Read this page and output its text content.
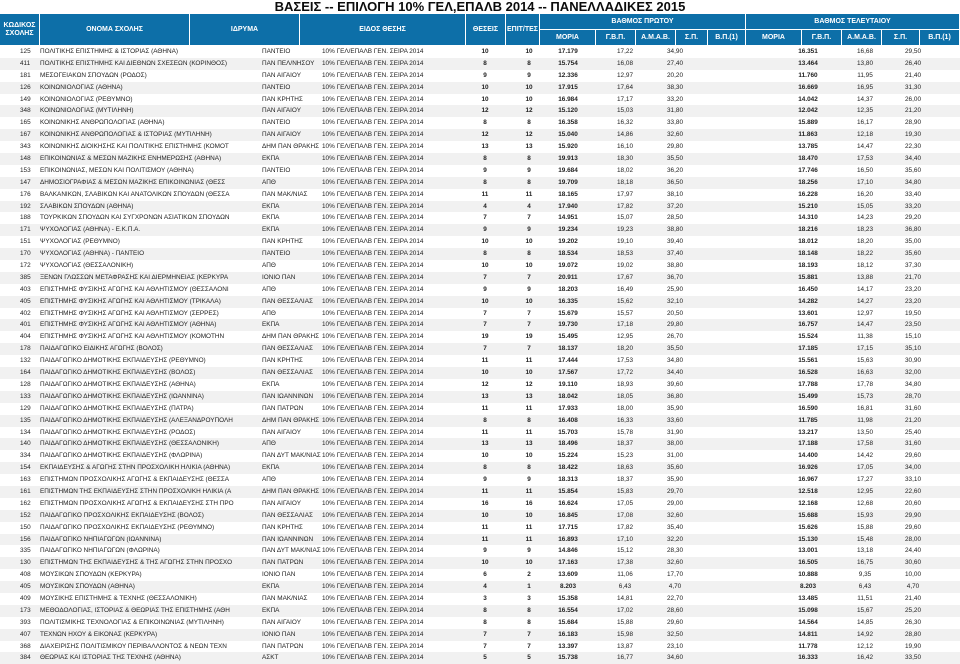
ΒΑΣΕΙΣ -- ΕΠΙΛΟΓΗ 10% ΓΕΛ,ΕΠΑΛΒ 2014 -- ΠΑΝΕΛΛΑΔΙΚΕΣ 2015
ΚΩΔΙΚΟΣ ΣΧΟΛΗΣ
ΟΝΟΜΑ ΣΧΟΛΗΣ	ΙΔΡΥΜΑ	ΕΙΔΟΣ ΘΕΣΗΣ	ΘΕΣΕΙΣ	ΕΠΙΤ/ΤΕΣ
ΒΑΘΜΟΣ ΠΡΩΤΟΥ
ΜΟΡΙΑ	Γ.Β.Π.	Α.Μ.Α.Β.	Σ.Π.	Β.Π.(1)
ΒΑΘΜΟΣ ΤΕΛΕΥΤΑΙΟΥ
ΜΟΡΙΑ	Γ.Β.Π.	Α.Μ.Α.Β.	Σ.Π.	Β.Π.(1)
125	ΠΟΛΙΤΙΚΗΣ ΕΠΙΣΤΗΜΗΣ & ΙΣΤΟΡΙΑΣ (ΑΘΗΝΑ)	ΠΑΝΤΕΙΟ	10% ΓΕΛ/ΕΠΑΛΒ ΓΕΝ. ΣΕΙΡΑ 2014	10	10	17.179	17,22	34,90	16.351	16,68	29,50
411	ΠΟΛΙΤΙΚΗΣ ΕΠΙΣΤΗΜΗΣ ΚΑΙ ΔΙΕΘΝΩΝ ΣΧΕΣΕΩΝ (ΚΟΡΙΝΘΟΣ)	ΠΑΝ ΠΕΛ/ΝΗΣΟΥ	10% ΓΕΛ/ΕΠΑΛΒ ΓΕΝ. ΣΕΙΡΑ 2014	8	8	15.754	16,08	27,40	13.464	13,80	26,40
181	ΜΕΣΟΓΕΙΑΚΩΝ ΣΠΟΥΔΩΝ (ΡΟΔΟΣ)	ΠΑΝ ΑΙΓΑΙΟΥ	10% ΓΕΛ/ΕΠΑΛΒ ΓΕΝ. ΣΕΙΡΑ 2014	9	9	12.336	12,97	20,20	11.760	11,95	21,40
126	ΚΟΙΝΩΝΙΟΛΟΓΙΑΣ (ΑΘΗΝΑ)	ΠΑΝΤΕΙΟ	10% ΓΕΛ/ΕΠΑΛΒ ΓΕΝ. ΣΕΙΡΑ 2014	10	10	17.915	17,64	38,30	16.669	16,95	31,30
149	ΚΟΙΝΩΝΙΟΛΟΓΙΑΣ (ΡΕΘΥΜΝΟ)	ΠΑΝ ΚΡΗΤΗΣ	10% ΓΕΛ/ΕΠΑΛΒ ΓΕΝ. ΣΕΙΡΑ 2014	10	10	16.984	17,17	33,20	14.042	14,37	26,00
348	ΚΟΙΝΩΝΙΟΛΟΓΙΑΣ (ΜΥΤΙΛΗΝΗ)	ΠΑΝ ΑΙΓΑΙΟΥ	10% ΓΕΛ/ΕΠΑΛΒ ΓΕΝ. ΣΕΙΡΑ 2014	12	12	15.120	15,03	31,80	12.042	12,35	21,20
165	ΚΟΙΝΩΝΙΚΗΣ ΑΝΘΡΩΠΟΛΟΓΙΑΣ (ΑΘΗΝΑ)	ΠΑΝΤΕΙΟ	10% ΓΕΛ/ΕΠΑΛΒ ΓΕΝ. ΣΕΙΡΑ 2014	8	8	16.358	16,32	33,80	15.889	16,17	28,90
167	ΚΟΙΝΩΝΙΚΗΣ ΑΝΘΡΩΠΟΛΟΓΙΑΣ & ΙΣΤΟΡΙΑΣ (ΜΥΤΙΛΗΝΗ)	ΠΑΝ ΑΙΓΑΙΟΥ	10% ΓΕΛ/ΕΠΑΛΒ ΓΕΝ. ΣΕΙΡΑ 2014	12	12	15.040	14,86	32,60	11.863	12,18	19,30
343	ΚΟΙΝΩΝΙΚΗΣ ΔΙΟΙΚΗΣΗΣ ΚΑΙ ΠΟΛΙΤΙΚΗΣ ΕΠΙΣΤΗΜΗΣ (ΚΟΜΟΤ	ΔΗΜ ΠΑΝ ΘΡΑΚΗΣ 10% ΓΕΛ/ΕΠΑΛΒ ΓΕΝ. ΣΕΙΡΑ 2014	13	13	15.920	16,10	29,80	13.785	14,47	22,30
148	ΕΠΙΚΟΙΝΩΝΙΑΣ & ΜΕΣΩΝ ΜΑΖΙΚΗΣ ΕΝΗΜΕΡΩΣΗΣ (ΑΘΗΝΑ)	ΕΚΠΑ	10% ΓΕΛ/ΕΠΑΛΒ ΓΕΝ. ΣΕΙΡΑ 2014	8	8	19.913	18,30	35,50	18.470	17,53	34,40
153	ΕΠΙΚΟΙΝΩΝΙΑΣ, ΜΕΣΩΝ ΚΑΙ ΠΟΛΙΤΙΣΜΟΥ (ΑΘΗΝΑ)	ΠΑΝΤΕΙΟ	10% ΓΕΛ/ΕΠΑΛΒ ΓΕΝ. ΣΕΙΡΑ 2014	9	9	19.684	18,02	36,20	17.746	16,50	35,60
147	ΔΗΜΟΣΙΟΓΡΑΦΙΑΣ & ΜΕΣΩΝ ΜΑΖΙΚΗΣ ΕΠΙΚΟΙΝΩΝΙΑΣ (ΘΕΣΣ	ΑΠΘ	10% ΓΕΛ/ΕΠΑΛΒ ΓΕΝ. ΣΕΙΡΑ 2014	8	8	19.709	18,18	36,50	18.256	17,10	34,80
176	ΒΑΛΚΑΝΙΚΩΝ, ΣΛΑΒΙΚΩΝ ΚΑΙ ΑΝΑΤΟΛΙΚΩΝ ΣΠΟΥΔΩΝ (ΘΕΣΣΑ	ΠΑΝ ΜΑΚ/ΝΙΑΣ	10% ΓΕΛ/ΕΠΑΛΒ ΓΕΝ. ΣΕΙΡΑ 2014	11	11	18.165	17,97	38,10	16.228	16,20	33,40
192	ΣΛΑΒΙΚΩΝ ΣΠΟΥΔΩΝ (ΑΘΗΝΑ)	ΕΚΠΑ	10% ΓΕΛ/ΕΠΑΛΒ ΓΕΝ. ΣΕΙΡΑ 2014	4	4	17.940	17,82	37,20	15.210	15,05	33,20
188	ΤΟΥΡΚΙΚΩΝ ΣΠΟΥΔΩΝ ΚΑΙ ΣΥΓΧΡΟΝΩΝ ΑΣΙΑΤΙΚΩΝ ΣΠΟΥΔΩΝ	ΕΚΠΑ	10% ΓΕΛ/ΕΠΑΛΒ ΓΕΝ. ΣΕΙΡΑ 2014	7	7	14.951	15,07	28,50	14.310	14,23	29,20
171	ΨΥΧΟΛΟΓΙΑΣ (ΑΘΗΝΑ) - Ε.Κ.Π.Α.	ΕΚΠΑ	10% ΓΕΛ/ΕΠΑΛΒ ΓΕΝ. ΣΕΙΡΑ 2014	9	9	19.234	19,23	38,80	18.216	18,23	36,80
151	ΨΥΧΟΛΟΓΙΑΣ (ΡΕΘΥΜΝΟ)	ΠΑΝ ΚΡΗΤΗΣ	10% ΓΕΛ/ΕΠΑΛΒ ΓΕΝ. ΣΕΙΡΑ 2014	10	10	19.202	19,10	39,40	18.012	18,20	35,00
170	ΨΥΧΟΛΟΓΙΑΣ (ΑΘΗΝΑ) - ΠΑΝΤΕΙΟ	ΠΑΝΤΕΙΟ	10% ΓΕΛ/ΕΠΑΛΒ ΓΕΝ. ΣΕΙΡΑ 2014	8	8	18.534	18,53	37,40	18.148	18,22	35,60
172	ΨΥΧΟΛΟΓΙΑΣ (ΘΕΣΣΑΛΟΝΙΚΗ)	ΑΠΘ	10% ΓΕΛ/ΕΠΑΛΒ ΓΕΝ. ΣΕΙΡΑ 2014	10	10	19.072	19,02	38,80	18.193	18,12	37,30
385	ΞΕΝΩΝ ΓΛΩΣΣΩΝ ΜΕΤΑΦΡΑΣΗΣ ΚΑΙ ΔΙΕΡΜΗΝΕΙΑΣ (ΚΕΡΚΥΡΑ	ΙΟΝΙΟ ΠΑΝ	10% ΓΕΛ/ΕΠΑΛΒ ΓΕΝ. ΣΕΙΡΑ 2014	7	7	20.911	17,67	36,70	15.881	13,88	21,70
403	ΕΠΙΣΤΗΜΗΣ ΦΥΣΙΚΗΣ ΑΓΩΓΗΣ ΚΑΙ ΑΘΛΗΤΙΣΜΟΥ (ΘΕΣΣΑΛΟΝΙ	ΑΠΘ	10% ΓΕΛ/ΕΠΑΛΒ ΓΕΝ. ΣΕΙΡΑ 2014	9	9	18.203	16,49	25,90	16.450	14,17	23,20
405	ΕΠΙΣΤΗΜΗΣ ΦΥΣΙΚΗΣ ΑΓΩΓΗΣ ΚΑΙ ΑΘΛΗΤΙΣΜΟΥ (ΤΡΙΚΑΛΑ)	ΠΑΝ ΘΕΣΣΑΛΙΑΣ	10% ΓΕΛ/ΕΠΑΛΒ ΓΕΝ. ΣΕΙΡΑ 2014	10	10	16.335	15,62	32,10	14.282	14,27	23,20
402	ΕΠΙΣΤΗΜΗΣ ΦΥΣΙΚΗΣ ΑΓΩΓΗΣ ΚΑΙ ΑΘΛΗΤΙΣΜΟΥ (ΣΕΡΡΕΣ)	ΑΠΘ	10% ΓΕΛ/ΕΠΑΛΒ ΓΕΝ. ΣΕΙΡΑ 2014	7	7	15.679	15,57	20,50	13.601	12,97	19,50
401	ΕΠΙΣΤΗΜΗΣ ΦΥΣΙΚΗΣ ΑΓΩΓΗΣ ΚΑΙ ΑΘΛΗΤΙΣΜΟΥ (ΑΘΗΝΑ)	ΕΚΠΑ	10% ΓΕΛ/ΕΠΑΛΒ ΓΕΝ. ΣΕΙΡΑ 2014	7	7	19.730	17,18	29,80	16.757	14,47	23,50
404	ΕΠΙΣΤΗΜΗΣ ΦΥΣΙΚΗΣ ΑΓΩΓΗΣ ΚΑΙ ΑΘΛΗΤΙΣΜΟΥ (ΚΟΜΟΤΗΝ	ΔΗΜ ΠΑΝ ΘΡΑΚΗΣ 10% ΓΕΛ/ΕΠΑΛΒ ΓΕΝ. ΣΕΙΡΑ 2014	19	19	15.495	12,95	26,70	15.524	11,38	15,10
178	ΠΑΙΔΑΓΩΓΙΚΟ ΕΙΔΙΚΗΣ ΑΓΩΓΗΣ (ΒΟΛΟΣ)	ΠΑΝ ΘΕΣΣΑΛΙΑΣ	10% ΓΕΛ/ΕΠΑΛΒ ΓΕΝ. ΣΕΙΡΑ 2014	7	7	18.137	18,20	35,50	17.185	17,15	35,10
132	ΠΑΙΔΑΓΩΓΙΚΟ ΔΗΜΟΤΙΚΗΣ ΕΚΠΑΙΔΕΥΣΗΣ (ΡΕΘΥΜΝΟ)	ΠΑΝ ΚΡΗΤΗΣ	10% ΓΕΛ/ΕΠΑΛΒ ΓΕΝ. ΣΕΙΡΑ 2014	11	11	17.444	17,53	34,80	15.561	15,63	30,90
164	ΠΑΙΔΑΓΩΓΙΚΟ ΔΗΜΟΤΙΚΗΣ ΕΚΠΑΙΔΕΥΣΗΣ (ΒΟΛΟΣ)	ΠΑΝ ΘΕΣΣΑΛΙΑΣ	10% ΓΕΛ/ΕΠΑΛΒ ΓΕΝ. ΣΕΙΡΑ 2014	10	10	17.567	17,72	34,40	16.528	16,63	32,00
128	ΠΑΙΔΑΓΩΓΙΚΟ ΔΗΜΟΤΙΚΗΣ ΕΚΠΑΙΔΕΥΣΗΣ (ΑΘΗΝΑ)	ΕΚΠΑ	10% ΓΕΛ/ΕΠΑΛΒ ΓΕΝ. ΣΕΙΡΑ 2014	12	12	19.110	18,93	39,60	17.788	17,78	34,80
133	ΠΑΙΔΑΓΩΓΙΚΟ ΔΗΜΟΤΙΚΗΣ ΕΚΠΑΙΔΕΥΣΗΣ (ΙΩΑΝΝΙΝΑ)	ΠΑΝ ΙΩΑΝΝΙΝΩΝ	10% ΓΕΛ/ΕΠΑΛΒ ΓΕΝ. ΣΕΙΡΑ 2014	13	13	18.042	18,05	36,80	15.499	15,73	28,70
129	ΠΑΙΔΑΓΩΓΙΚΟ ΔΗΜΟΤΙΚΗΣ ΕΚΠΑΙΔΕΥΣΗΣ (ΠΑΤΡΑ)	ΠΑΝ ΠΑΤΡΩΝ	10% ΓΕΛ/ΕΠΑΛΒ ΓΕΝ. ΣΕΙΡΑ 2014	11	11	17.933	18,00	35,90	16.590	16,81	31,60
135	ΠΑΙΔΑΓΩΓΙΚΟ ΔΗΜΟΤΙΚΗΣ ΕΚΠΑΙΔΕΥΣΗΣ (ΑΛΕΞΑΝΔΡΟΥΠΟΛΗ	ΔΗΜ ΠΑΝ ΘΡΑΚΗΣ 10% ΓΕΛ/ΕΠΑΛΒ ΓΕΝ. ΣΕΙΡΑ 2014	8	8	16.408	16,33	33,60	11.785	11,98	21,20
134	ΠΑΙΔΑΓΩΓΙΚΟ ΔΗΜΟΤΙΚΗΣ ΕΚΠΑΙΔΕΥΣΗΣ (ΡΟΔΟΣ)	ΠΑΝ ΑΙΓΑΙΟΥ	10% ΓΕΛ/ΕΠΑΛΒ ΓΕΝ. ΣΕΙΡΑ 2014	11	11	15.703	15,78	31,90	13.217	13,50	25,40
140	ΠΑΙΔΑΓΩΓΙΚΟ ΔΗΜΟΤΙΚΗΣ ΕΚΠΑΙΔΕΥΣΗΣ (ΘΕΣΣΑΛΟΝΙΚΗ)	ΑΠΘ	10% ΓΕΛ/ΕΠΑΛΒ ΓΕΝ. ΣΕΙΡΑ 2014	13	13	18.496	18,37	38,00	17.188	17,58	31,60
334	ΠΑΙΔΑΓΩΓΙΚΟ ΔΗΜΟΤΙΚΗΣ ΕΚΠΑΙΔΕΥΣΗΣ (ΦΛΩΡΙΝΑ)	ΠΑΝ ΔΥΤ ΜΑΚ/ΝΙΑΣ 10% ΓΕΛ/ΕΠΑΛΒ ΓΕΝ. ΣΕΙΡΑ 2014	10	10	15.224	15,23	31,00	14.400	14,42	29,60
154	ΕΚΠΑΙΔΕΥΣΗΣ & ΑΓΩΓΗΣ ΣΤΗΝ ΠΡΟΣΧΟΛΙΚΗ ΗΛΙΚΙΑ (ΑΘΗΝΑ)	ΕΚΠΑ	10% ΓΕΛ/ΕΠΑΛΒ ΓΕΝ. ΣΕΙΡΑ 2014	8	8	18.422	18,63	35,60	16.926	17,05	34,00
163	ΕΠΙΣΤΗΜΩΝ ΠΡΟΣΧΟΛΙΚΗΣ ΑΓΩΓΗΣ & ΕΚΠΑΙΔΕΥΣΗΣ (ΘΕΣΣΑ	ΑΠΘ	10% ΓΕΛ/ΕΠΑΛΒ ΓΕΝ. ΣΕΙΡΑ 2014	9	9	18.313	18,37	35,90	16.967	17,27	33,10
161	ΕΠΙΣΤΗΜΩΝ ΤΗΣ ΕΚΠΑΙΔΕΥΣΗΣ ΣΤΗΝ ΠΡΟΣΧΟΛΙΚΗ ΗΛΙΚΙΑ (Α	ΔΗΜ ΠΑΝ ΘΡΑΚΗΣ 10% ΓΕΛ/ΕΠΑΛΒ ΓΕΝ. ΣΕΙΡΑ 2014	11	11	15.854	15,83	29,70	12.518	12,95	22,60
162	ΕΠΙΣΤΗΜΩΝ ΠΡΟΣΧΟΛΙΚΗΣ ΑΓΩΓΗΣ & ΕΚΠΑΙΔΕΥΣΗΣ ΣΤΗ ΠΡΟ	ΠΑΝ ΑΙΓΑΙΟΥ	10% ΓΕΛ/ΕΠΑΛΒ ΓΕΝ. ΣΕΙΡΑ 2014	16	16	16.624	17,05	29,00	12.168	12,68	20,60
152	ΠΑΙΔΑΓΩΓΙΚΟ ΠΡΟΣΧΟΛΙΚΗΣ ΕΚΠΑΙΔΕΥΣΗΣ (ΒΟΛΟΣ)	ΠΑΝ ΘΕΣΣΑΛΙΑΣ	10% ΓΕΛ/ΕΠΑΛΒ ΓΕΝ. ΣΕΙΡΑ 2014	10	10	16.845	17,08	32,60	15.688	15,93	29,90
150	ΠΑΙΔΑΓΩΓΙΚΟ ΠΡΟΣΧΟΛΙΚΗΣ ΕΚΠΑΙΔΕΥΣΗΣ (ΡΕΘΥΜΝΟ)	ΠΑΝ ΚΡΗΤΗΣ	10% ΓΕΛ/ΕΠΑΛΒ ΓΕΝ. ΣΕΙΡΑ 2014	11	11	17.715	17,82	35,40	15.626	15,88	29,60
156	ΠΑΙΔΑΓΩΓΙΚΟ ΝΗΠΙΑΓΩΓΩΝ (ΙΩΑΝΝΙΝΑ)	ΠΑΝ ΙΩΑΝΝΙΝΩΝ	10% ΓΕΛ/ΕΠΑΛΒ ΓΕΝ. ΣΕΙΡΑ 2014	11	11	16.893	17,10	32,20	15.130	15,48	28,00
335	ΠΑΙΔΑΓΩΓΙΚΟ ΝΗΠΙΑΓΩΓΩΝ (ΦΛΩΡΙΝΑ)	ΠΑΝ ΔΥΤ ΜΑΚ/ΝΙΑΣ 10% ΓΕΛ/ΕΠΑΛΒ ΓΕΝ. ΣΕΙΡΑ 2014	9	9	14.846	15,12	28,30	13.001	13,18	24,40
130	ΕΠΙΣΤΗΜΩΝ ΤΗΣ ΕΚΠΑΙΔΕΥΣΗΣ & ΤΗΣ ΑΓΩΓΗΣ ΣΤΗΝ ΠΡΟΣΧΟ	ΠΑΝ ΠΑΤΡΩΝ	10% ΓΕΛ/ΕΠΑΛΒ ΓΕΝ. ΣΕΙΡΑ 2014	10	10	17.163	17,38	32,60	16.505	16,75	30,60
408	ΜΟΥΣΙΚΩΝ ΣΠΟΥΔΩΝ (ΚΕΡΚΥΡΑ)	ΙΟΝΙΟ ΠΑΝ	10% ΓΕΛ/ΕΠΑΛΒ ΓΕΝ. ΣΕΙΡΑ 2014	6	2	13.609	11,06	17,70	10.888	9,35	10,00
405	ΜΟΥΣΙΚΩΝ ΣΠΟΥΔΩΝ (ΑΘΗΝΑ)	ΕΚΠΑ	10% ΓΕΛ/ΕΠΑΛΒ ΓΕΝ. ΣΕΙΡΑ 2014	4	1	8.203	6,43	4,70	8.203	6,43	4,70
409	ΜΟΥΣΙΚΗΣ ΕΠΙΣΤΗΜΗΣ & ΤΕΧΝΗΣ (ΘΕΣΣΑΛΟΝΙΚΗ)	ΠΑΝ ΜΑΚ/ΝΙΑΣ	10% ΓΕΛ/ΕΠΑΛΒ ΓΕΝ. ΣΕΙΡΑ 2014	3	3	15.358	14,81	22,70	13.485	11,51	21,40
173	ΜΕΘΟΔΟΛΟΓΙΑΣ, ΙΣΤΟΡΙΑΣ & ΘΕΩΡΙΑΣ ΤΗΣ ΕΠΙΣΤΗΜΗΣ (ΑΘΗ	ΕΚΠΑ	10% ΓΕΛ/ΕΠΑΛΒ ΓΕΝ. ΣΕΙΡΑ 2014	8	8	16.554	17,02	28,60	15.098	15,67	25,20
393	ΠΟΛΙΤΙΣΜΙΚΗΣ ΤΕΧΝΟΛΟΓΙΑΣ & ΕΠΙΚΟΙΝΩΝΙΑΣ (ΜΥΤΙΛΗΝΗ)	ΠΑΝ ΑΙΓΑΙΟΥ	10% ΓΕΛ/ΕΠΑΛΒ ΓΕΝ. ΣΕΙΡΑ 2014	8	8	15.684	15,88	29,60	14.564	14,85	26,30
407	ΤΕΧΝΩΝ ΗΧΟΥ & ΕΙΚΟΝΑΣ (ΚΕΡΚΥΡΑ)	ΙΟΝΙΟ ΠΑΝ	10% ΓΕΛ/ΕΠΑΛΒ ΓΕΝ. ΣΕΙΡΑ 2014	7	7	16.183	15,98	32,50	14.811	14,92	28,80
368	ΔΙΑΧΕΙΡΙΣΗΣ ΠΟΛΙΤΙΣΜΙΚΟΥ ΠΕΡΙΒΑΛΛΟΝΤΟΣ & ΝΕΩΝ ΤΕΧΝ	ΠΑΝ ΠΑΤΡΩΝ	10% ΓΕΛ/ΕΠΑΛΒ ΓΕΝ. ΣΕΙΡΑ 2014	7	7	13.397	13,87	23,10	11.778	12,12	19,90
384	ΘΕΩΡΙΑΣ ΚΑΙ ΙΣΤΟΡΙΑΣ ΤΗΣ ΤΕΧΝΗΣ (ΑΘΗΝΑ)	ΑΣΚΤ	10% ΓΕΛ/ΕΠΑΛΒ ΓΕΝ. ΣΕΙΡΑ 2014	5	5	15.738	16,77	34,60	16.333	16,42	33,50
